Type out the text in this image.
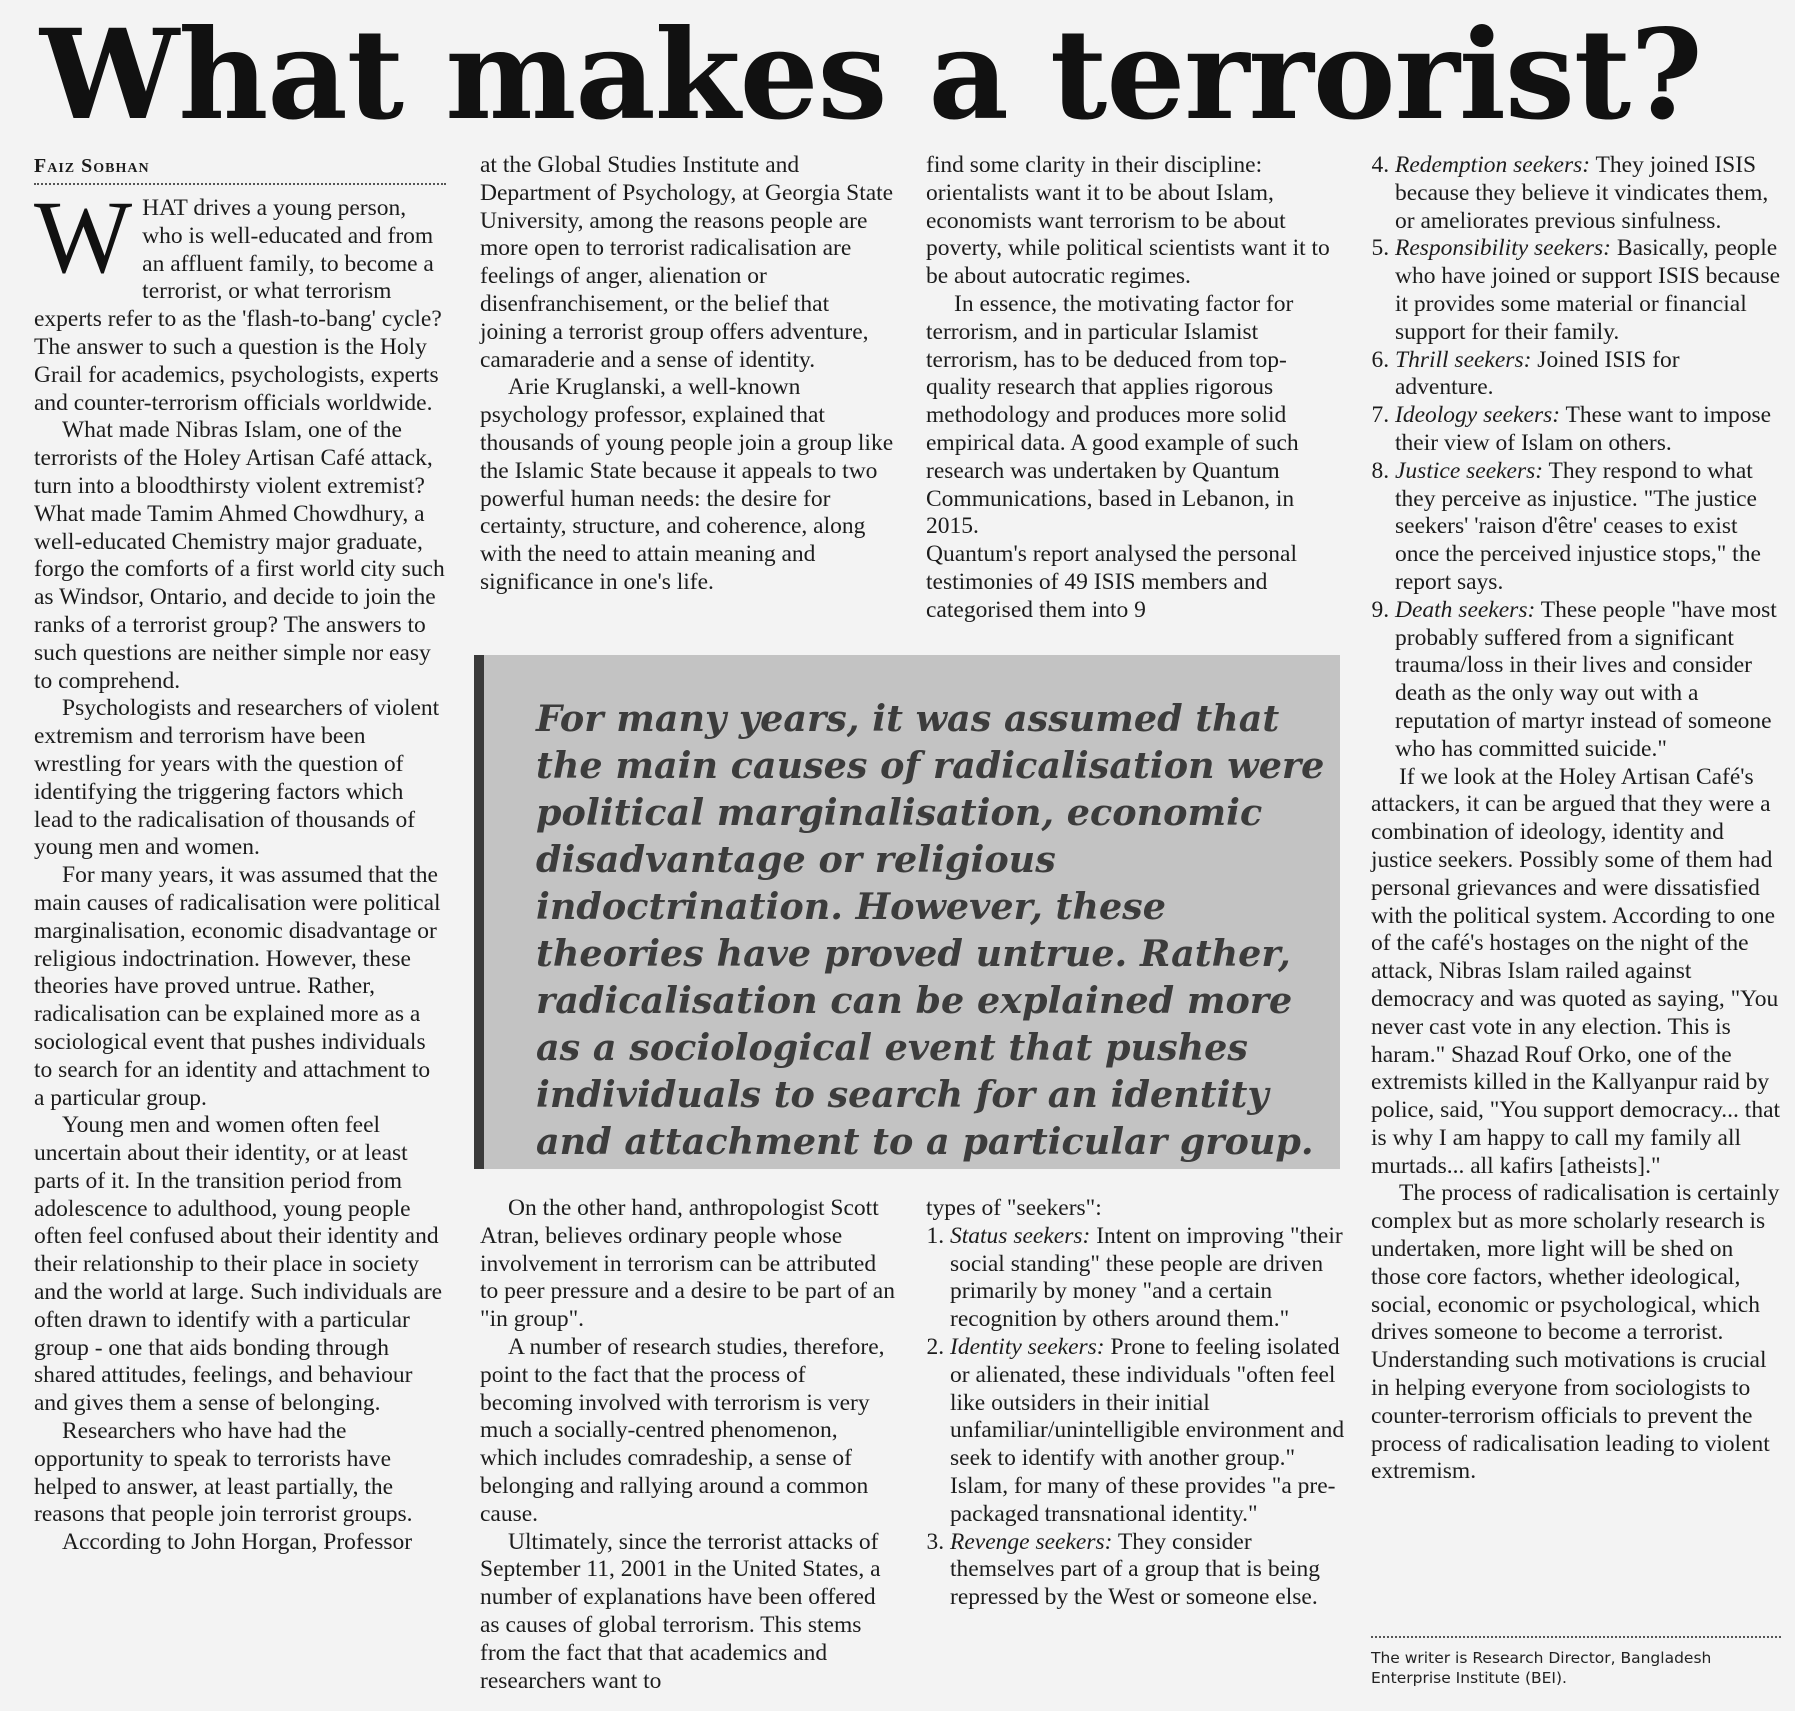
What makes a terrorist?
Faiz Sobhan

WHAT drives a young person, who is well-educated and from an affluent family, to become a terrorist, or what terrorism experts refer to as the 'flash-to-bang' cycle? The answer to such a question is the Holy Grail for academics, psychologists, experts and counter-terrorism officials worldwide.

What made Nibras Islam, one of the terrorists of the Holey Artisan Café attack, turn into a bloodthirsty violent extremist? What made Tamim Ahmed Chowdhury, a well-educated Chemistry major graduate, forgo the comforts of a first world city such as Windsor, Ontario, and decide to join the ranks of a terrorist group? The answers to such questions are neither simple nor easy to comprehend.

Psychologists and researchers of violent extremism and terrorism have been wrestling for years with the question of identifying the triggering factors which lead to the radicalisation of thousands of young men and women.

For many years, it was assumed that the main causes of radicalisation were political marginalisation, economic disadvantage or religious indoctrination. However, these theories have proved untrue. Rather, radicalisation can be explained more as a sociological event that pushes individuals to search for an identity and attachment to a particular group.

Young men and women often feel uncertain about their identity, or at least parts of it. In the transition period from adolescence to adulthood, young people often feel confused about their identity and their relationship to their place in society and the world at large. Such individuals are often drawn to identify with a particular group - one that aids bonding through shared attitudes, feelings, and behaviour and gives them a sense of belonging.

Researchers who have had the opportunity to speak to terrorists have helped to answer, at least partially, the reasons that people join terrorist groups.

According to John Horgan, Professor

at the Global Studies Institute and Department of Psychology, at Georgia State University, among the reasons people are more open to terrorist radicalisation are feelings of anger, alienation or disenfranchisement, or the belief that joining a terrorist group offers adventure, camaraderie and a sense of identity.

Arie Kruglanski, a well-known psychology professor, explained that thousands of young people join a group like the Islamic State because it appeals to two powerful human needs: the desire for certainty, structure, and coherence, along with the need to attain meaning and significance in one's life.

find some clarity in their discipline: orientalists want it to be about Islam, economists want terrorism to be about poverty, while political scientists want it to be about autocratic regimes.

In essence, the motivating factor for terrorism, and in particular Islamist terrorism, has to be deduced from top-quality research that applies rigorous methodology and produces more solid empirical data. A good example of such research was undertaken by Quantum Communications, based in Lebanon, in 2015.

Quantum's report analysed the personal testimonies of 49 ISIS members and categorised them into 9

For many years, it was assumed that the main causes of radicalisation were political marginalisation, economic disadvantage or religious indoctrination. However, these theories have proved untrue. Rather, radicalisation can be explained more as a sociological event that pushes individuals to search for an identity and attachment to a particular group.

On the other hand, anthropologist Scott Atran, believes ordinary people whose involvement in terrorism can be attributed to peer pressure and a desire to be part of an "in group".

A number of research studies, therefore, point to the fact that the process of becoming involved with terrorism is very much a socially-centred phenomenon, which includes comradeship, a sense of belonging and rallying around a common cause.

Ultimately, since the terrorist attacks of September 11, 2001 in the United States, a number of explanations have been offered as causes of global terrorism. This stems from the fact that that academics and researchers want to

types of "seekers":

1. Status seekers: Intent on improving "their social standing" these people are driven primarily by money "and a certain recognition by others around them."
2. Identity seekers: Prone to feeling isolated or alienated, these individuals "often feel like outsiders in their initial unfamiliar/unintelligible environment and seek to identify with another group." Islam, for many of these provides "a pre-packaged transnational identity."
3. Revenge seekers: They consider themselves part of a group that is being repressed by the West or someone else.
4. Redemption seekers: They joined ISIS because they believe it vindicates them, or ameliorates previous sinfulness.
5. Responsibility seekers: Basically, people who have joined or support ISIS because it provides some material or financial support for their family.
6. Thrill seekers: Joined ISIS for adventure.
7. Ideology seekers: These want to impose their view of Islam on others.
8. Justice seekers: They respond to what they perceive as injustice. "The justice seekers' 'raison d'être' ceases to exist once the perceived injustice stops," the report says.
9. Death seekers: These people "have most probably suffered from a significant trauma/loss in their lives and consider death as the only way out with a reputation of martyr instead of someone who has committed suicide."

If we look at the Holey Artisan Café's attackers, it can be argued that they were a combination of ideology, identity and justice seekers. Possibly some of them had personal grievances and were dissatisfied with the political system. According to one of the café's hostages on the night of the attack, Nibras Islam railed against democracy and was quoted as saying, "You never cast vote in any election. This is haram." Shazad Rouf Orko, one of the extremists killed in the Kallyanpur raid by police, said, "You support democracy... that is why I am happy to call my family all murtads... all kafirs [atheists]."

The process of radicalisation is certainly complex but as more scholarly research is undertaken, more light will be shed on those core factors, whether ideological, social, economic or psychological, which drives someone to become a terrorist. Understanding such motivations is crucial in helping everyone from sociologists to counter-terrorism officials to prevent the process of radicalisation leading to violent extremism.

The writer is Research Director, Bangladesh Enterprise Institute (BEI).
